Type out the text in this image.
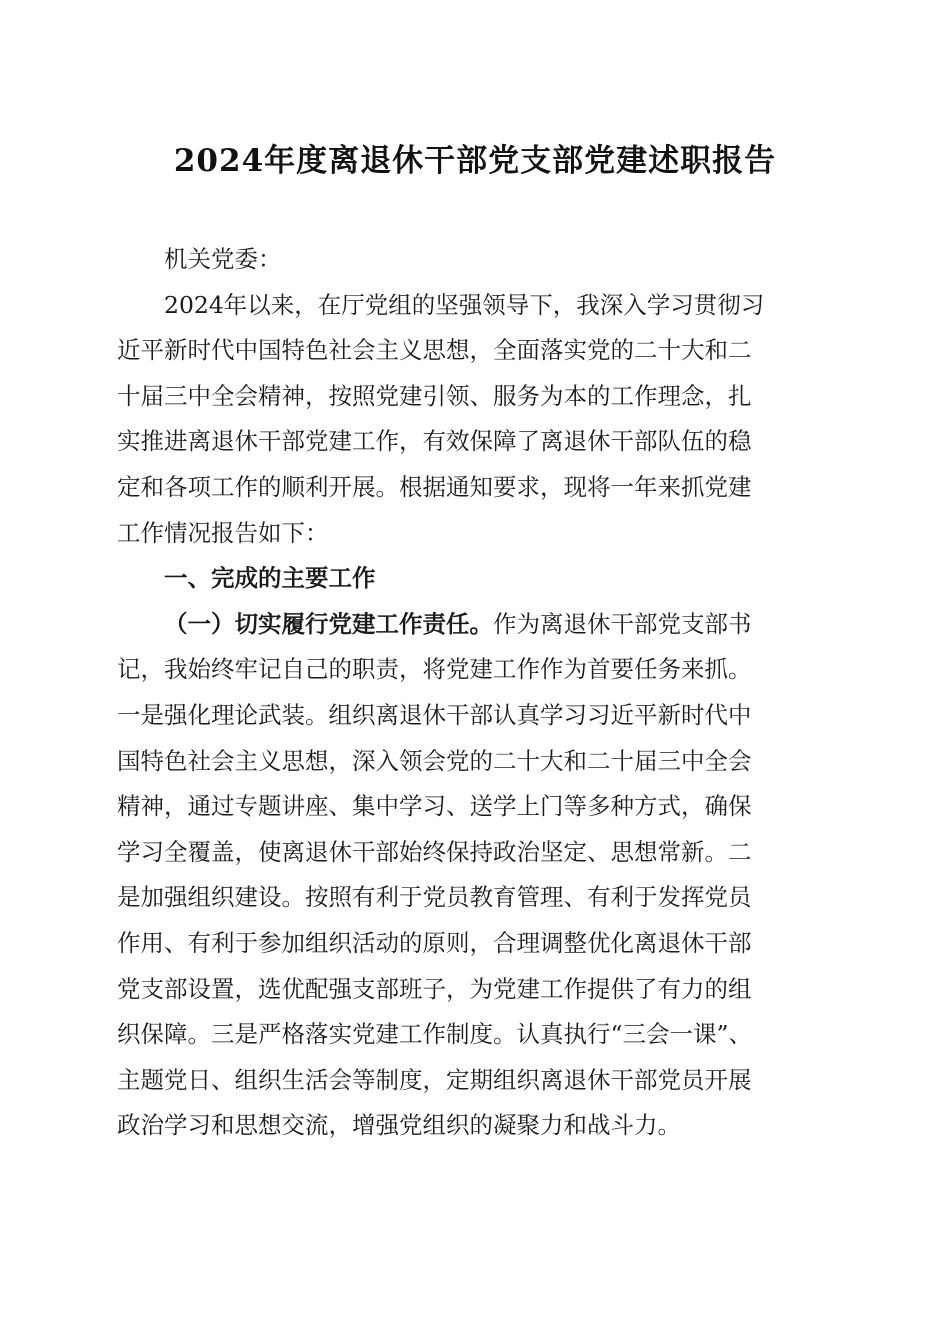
2024年度离退休干部党支部党建述职报告
机关党委：
2024年以来，在厅党组的坚强领导下，我深入学习贯彻习
近平新时代中国特色社会主义思想，全面落实党的二十大和二
十届三中全会精神，按照党建引领、服务为本的工作理念，扎
实推进离退休干部党建工作，有效保障了离退休干部队伍的稳
定和各项工作的顺利开展。根据通知要求，现将一年来抓党建
工作情况报告如下：
一、完成的主要工作
（一）切实履行党建工作责任。作为离退休干部党支部书
记，我始终牢记自己的职责，将党建工作作为首要任务来抓。
一是强化理论武装。组织离退休干部认真学习习近平新时代中
国特色社会主义思想，深入领会党的二十大和二十届三中全会
精神，通过专题讲座、集中学习、送学上门等多种方式，确保
学习全覆盖，使离退休干部始终保持政治坚定、思想常新。二
是加强组织建设。按照有利于党员教育管理、有利于发挥党员
作用、有利于参加组织活动的原则，合理调整优化离退休干部
党支部设置，选优配强支部班子，为党建工作提供了有力的组
织保障。三是严格落实党建工作制度。认真执行“三会一课”、
主题党日、组织生活会等制度，定期组织离退休干部党员开展
政治学习和思想交流，增强党组织的凝聚力和战斗力。
